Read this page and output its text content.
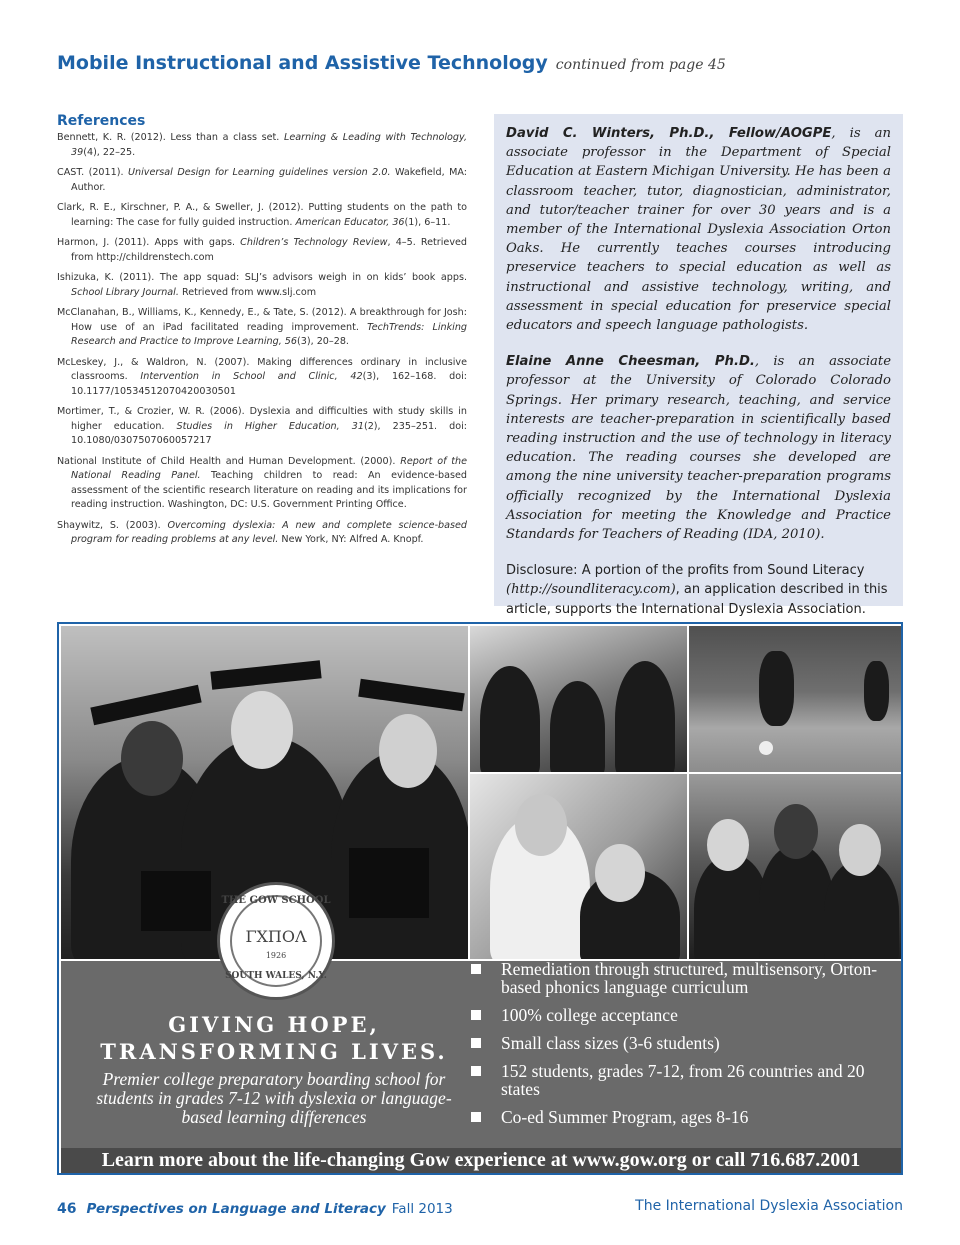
Mobile Instructional and Assistive Technology continued from page 45
References

Bennett, K. R. (2012). Less than a class set. Learning & Leading with Technology, 39(4), 22–25.

CAST. (2011). Universal Design for Learning guidelines version 2.0. Wakefield, MA: Author.

Clark, R. E., Kirschner, P. A., & Sweller, J. (2012). Putting students on the path to learning: The case for fully guided instruction. American Educator, 36(1), 6–11.

Harmon, J. (2011). Apps with gaps. Children’s Technology Review, 4–5. Retrieved from http://childrenstech.com

Ishizuka, K. (2011). The app squad: SLJ’s advisors weigh in on kids’ book apps. School Library Journal. Retrieved from www.slj.com

McClanahan, B., Williams, K., Kennedy, E., & Tate, S. (2012). A breakthrough for Josh: How use of an iPad facilitated reading improvement. TechTrends: Linking Research and Practice to Improve Learning, 56(3), 20–28.

McLeskey, J., & Waldron, N. (2007). Making differences ordinary in inclusive classrooms. Intervention in School and Clinic, 42(3), 162–168. doi: 10.1177/10534512070420030501

Mortimer, T., & Crozier, W. R. (2006). Dyslexia and difficulties with study skills in higher education. Studies in Higher Education, 31(2), 235–251. doi: 10.1080/0307507060057217

National Institute of Child Health and Human Development. (2000). Report of the National Reading Panel. Teaching children to read: An evidence-based assessment of the scientific research literature on reading and its implications for reading instruction. Washington, DC: U.S. Government Printing Office.

Shaywitz, S. (2003). Overcoming dyslexia: A new and complete science-based program for reading problems at any level. New York, NY: Alfred A. Knopf.

David C. Winters, Ph.D., Fellow/AOGPE, is an associate professor in the Department of Special Education at Eastern Michigan University. He has been a classroom teacher, tutor, diagnostician, administrator, and tutor/teacher trainer for over 30 years and is a member of the International Dyslexia Association Orton Oaks. He currently teaches courses introducing preservice teachers to special education as well as instructional and assistive technology, writing, and assessment in special education for preservice special educators and speech language pathologists.

Elaine Anne Cheesman, Ph.D., is an associate professor at the University of Colorado Colorado Springs. Her primary research, teaching, and service interests are teacher-preparation in scientifically based reading instruction and the use of technology in literacy education. The reading courses she developed are among the nine university teacher-preparation programs officially recognized by the International Dyslexia Association for meeting the Knowledge and Practice Standards for Teachers of Reading (IDA, 2010).

Disclosure: A portion of the profits from Sound Literacy (http://soundliteracy.com), an application described in this article, supports the International Dyslexia Association.

THE GOW SCHOOL
ΓΧΠΟΛ
1926
SOUTH WALES, N.Y.
GIVING HOPE, TRANSFORMING LIVES.
Premier college preparatory boarding school for students in grades 7-12 with dyslexia or language-based learning differences
Remediation through structured, multisensory, Orton-based phonics language curriculum
100% college acceptance
Small class sizes (3-6 students)
152 students, grades 7-12, from 26 countries and 20 states
Co-ed Summer Program, ages 8-16
Learn more about the life-changing Gow experience at www.gow.org or call 716.687.2001
46 Perspectives on Language and Literacy Fall 2013	The International Dyslexia Association
